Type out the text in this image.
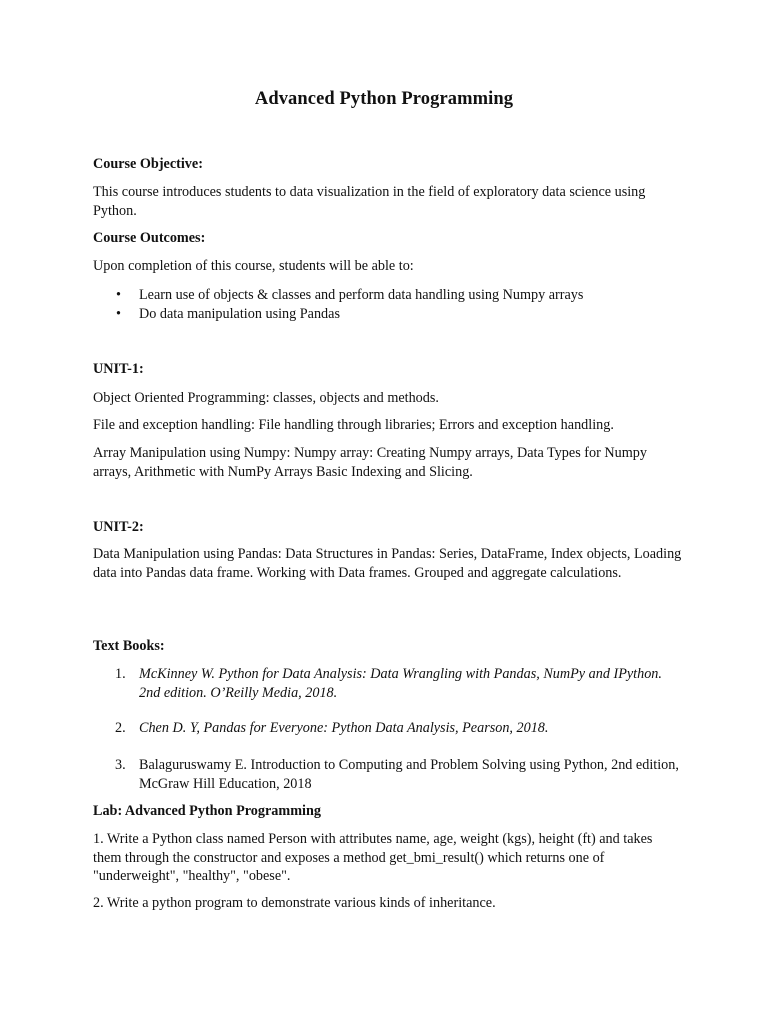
Advanced Python Programming

Course Objective:

This course introduces students to data visualization in the field of exploratory data science using Python.

Course Outcomes:

Upon completion of this course, students will be able to:

• Learn use of objects & classes and perform data handling using Numpy arrays
• Do data manipulation using Pandas

UNIT-1:

Object Oriented Programming: classes, objects and methods.

File and exception handling: File handling through libraries; Errors and exception handling.

Array Manipulation using Numpy: Numpy array: Creating Numpy arrays, Data Types for Numpy arrays, Arithmetic with NumPy Arrays Basic Indexing and Slicing.

UNIT-2:

Data Manipulation using Pandas: Data Structures in Pandas: Series, DataFrame, Index objects, Loading data into Pandas data frame. Working with Data frames. Grouped and aggregate calculations.

Text Books:

1. McKinney W. Python for Data Analysis: Data Wrangling with Pandas, NumPy and IPython. 2nd edition. O’Reilly Media, 2018.
2. Chen D. Y, Pandas for Everyone: Python Data Analysis, Pearson, 2018.
3. Balaguruswamy E. Introduction to Computing and Problem Solving using Python, 2nd edition, McGraw Hill Education, 2018

Lab: Advanced Python Programming

1. Write a Python class named Person with attributes name, age, weight (kgs), height (ft) and takes them through the constructor and exposes a method get_bmi_result() which returns one of "underweight", "healthy", "obese".

2. Write a python program to demonstrate various kinds of inheritance.
